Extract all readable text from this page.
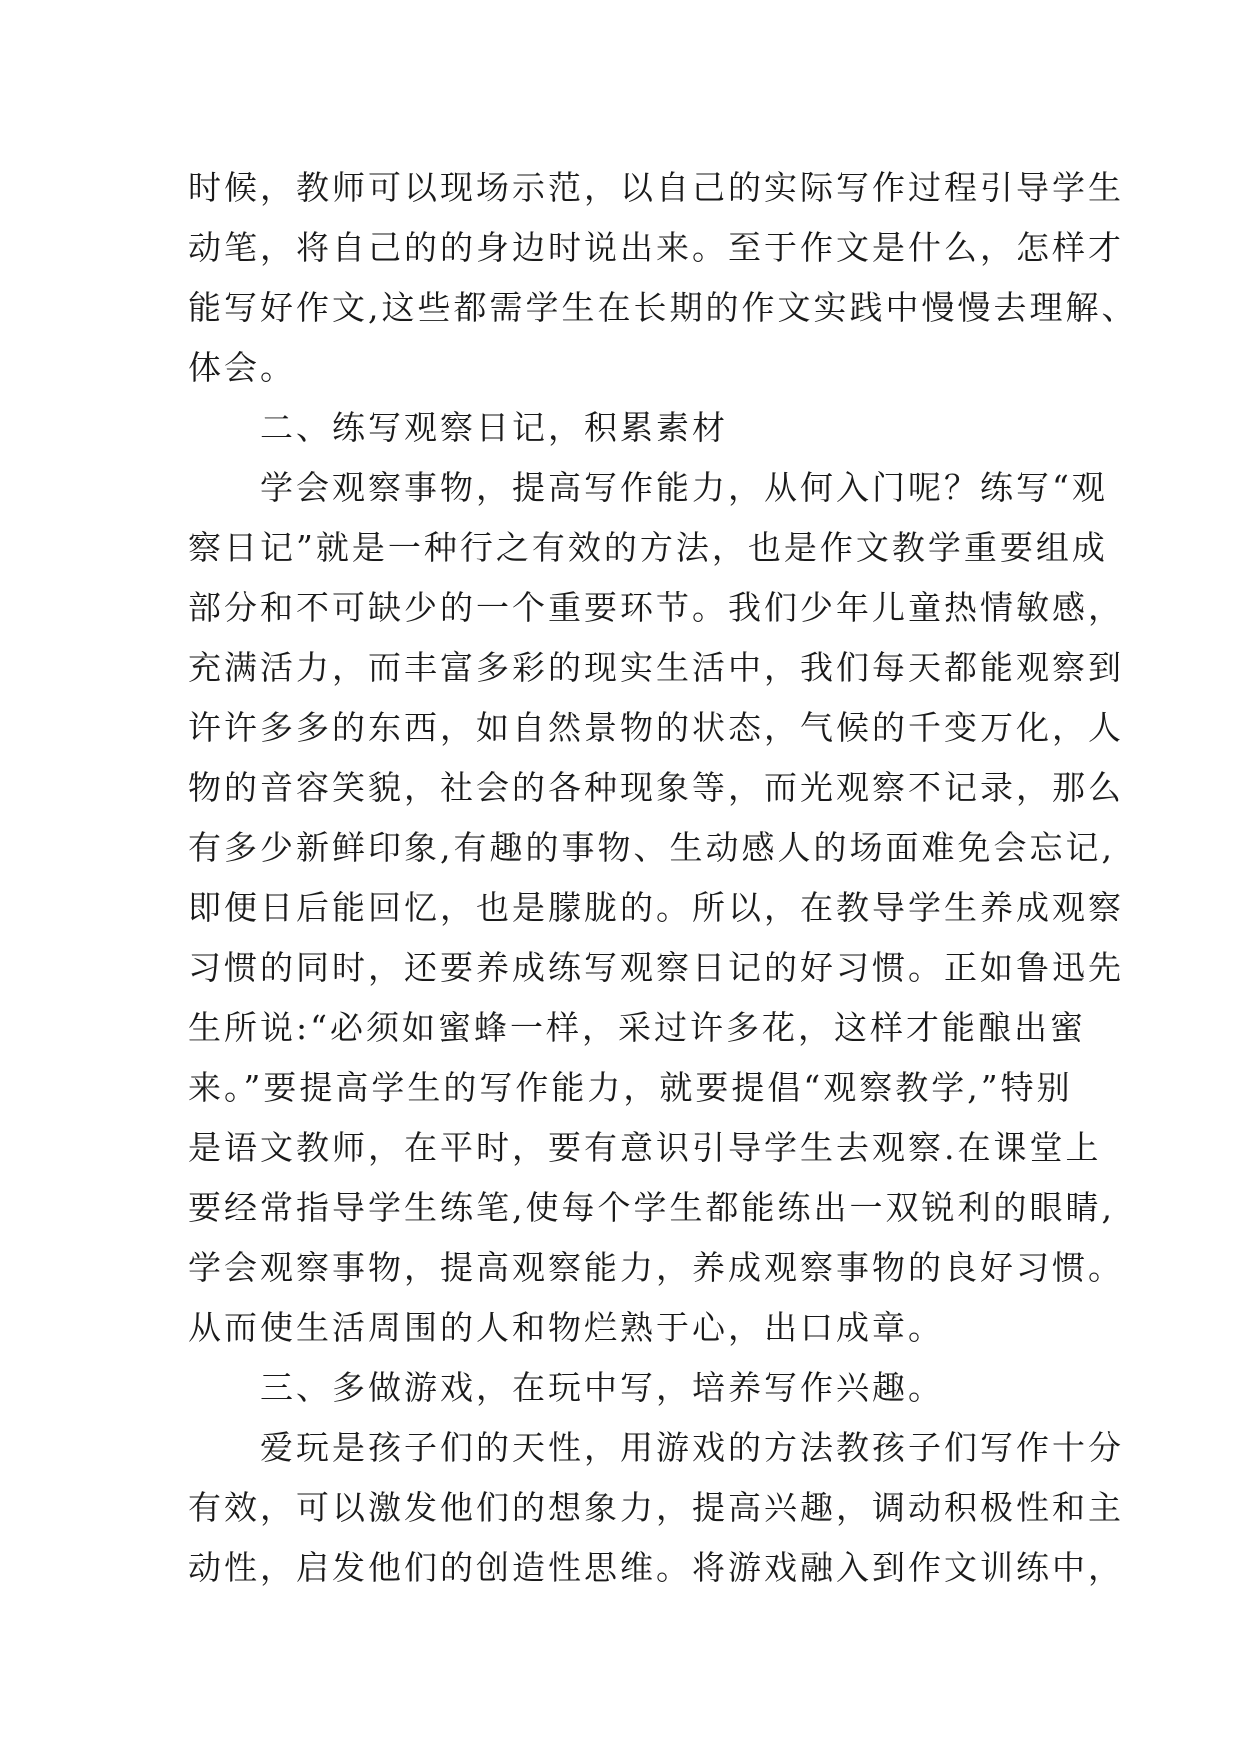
时候，教师可以现场示范，以自己的实际写作过程引导学生
动笔，将自己的的身边时说出来。至于作文是什么，怎样才
能写好作文,这些都需学生在长期的作文实践中慢慢去理解、
体会。
　　二、练写观察日记，积累素材
　　学会观察事物，提高写作能力，从何入门呢？练写“观
察日记”就是一种行之有效的方法，也是作文教学重要组成
部分和不可缺少的一个重要环节。我们少年儿童热情敏感，
充满活力，而丰富多彩的现实生活中，我们每天都能观察到
许许多多的东西，如自然景物的状态，气候的千变万化，人
物的音容笑貌，社会的各种现象等，而光观察不记录，那么
有多少新鲜印象,有趣的事物、生动感人的场面难免会忘记,
即便日后能回忆，也是朦胧的。所以，在教导学生养成观察
习惯的同时，还要养成练写观察日记的好习惯。正如鲁迅先
生所说:“必须如蜜蜂一样，采过许多花，这样才能酿出蜜
来。”要提高学生的写作能力，就要提倡“观察教学,”特别
是语文教师，在平时，要有意识引导学生去观察.在课堂上
要经常指导学生练笔,使每个学生都能练出一双锐利的眼睛,
学会观察事物，提高观察能力，养成观察事物的良好习惯。
从而使生活周围的人和物烂熟于心，出口成章。
　　三、多做游戏，在玩中写，培养写作兴趣。
　　爱玩是孩子们的天性，用游戏的方法教孩子们写作十分
有效，可以激发他们的想象力，提高兴趣，调动积极性和主
动性，启发他们的创造性思维。将游戏融入到作文训练中，
